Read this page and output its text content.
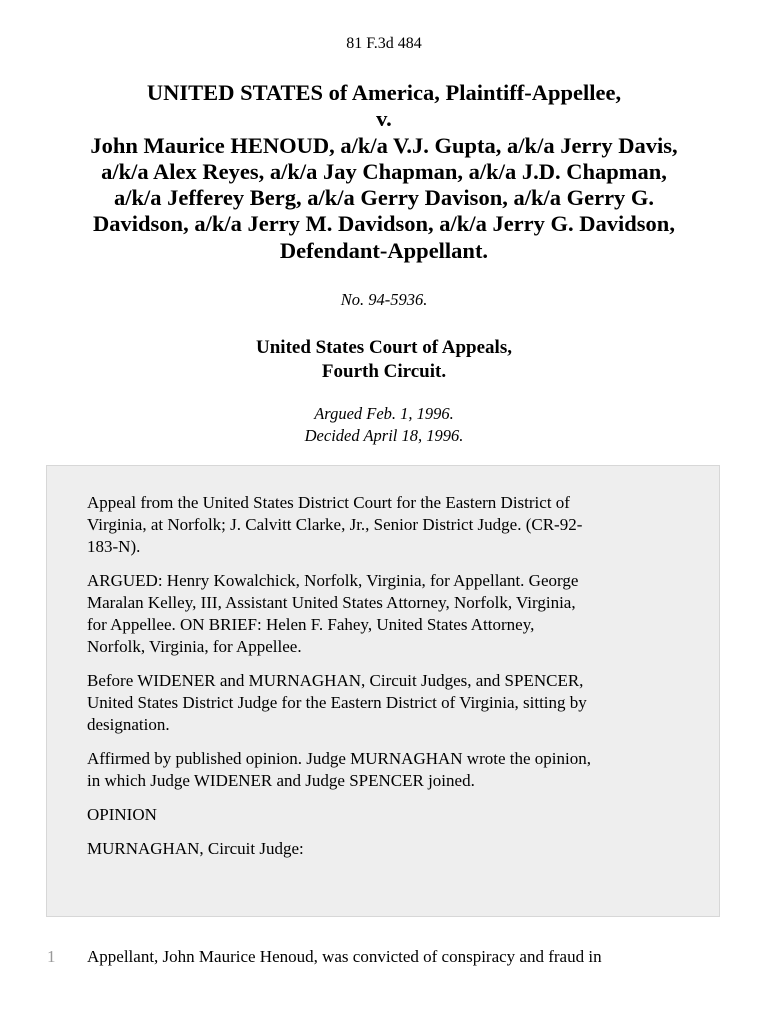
81 F.3d 484
UNITED STATES of America, Plaintiff-Appellee,
v.
John Maurice HENOUD, a/k/a V.J. Gupta, a/k/a Jerry Davis,
a/k/a Alex Reyes, a/k/a Jay Chapman, a/k/a J.D. Chapman,
a/k/a Jefferey Berg, a/k/a Gerry Davison, a/k/a Gerry G.
Davidson, a/k/a Jerry M. Davidson, a/k/a Jerry G. Davidson,
Defendant-Appellant.
No. 94-5936.
United States Court of Appeals,
Fourth Circuit.
Argued Feb. 1, 1996.
Decided April 18, 1996.

Appeal from the United States District Court for the Eastern District of
Virginia, at Norfolk; J. Calvitt Clarke, Jr., Senior District Judge. (CR-92-
183-N).

ARGUED: Henry Kowalchick, Norfolk, Virginia, for Appellant. George
Maralan Kelley, III, Assistant United States Attorney, Norfolk, Virginia,
for Appellee. ON BRIEF: Helen F. Fahey, United States Attorney,
Norfolk, Virginia, for Appellee.

Before WIDENER and MURNAGHAN, Circuit Judges, and SPENCER,
United States District Judge for the Eastern District of Virginia, sitting by
designation.

Affirmed by published opinion. Judge MURNAGHAN wrote the opinion,
in which Judge WIDENER and Judge SPENCER joined.

OPINION

MURNAGHAN, Circuit Judge:

1 Appellant, John Maurice Henoud, was convicted of conspiracy and fraud in
